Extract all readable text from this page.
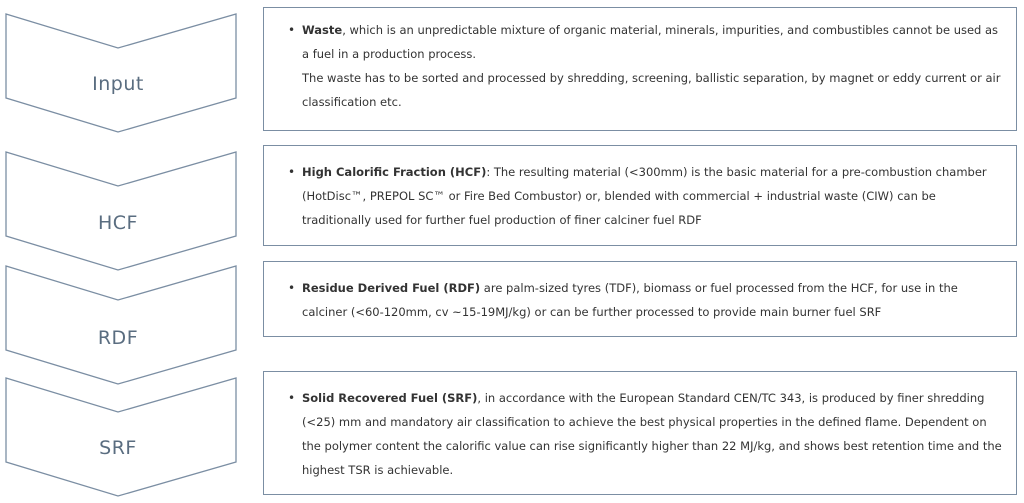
Input
HCF
RDF
SRF
• Waste, which is an unpredictable mixture of organic material, minerals, impurities, and combustibles cannot be used as a fuel in a production process.
The waste has to be sorted and processed by shredding, screening, ballistic separation, by magnet or eddy current or air classification etc.
• High Calorific Fraction (HCF): The resulting material (<300mm) is the basic material for a pre-combustion chamber (HotDisc™, PREPOL SC™ or Fire Bed Combustor) or, blended with commercial + industrial waste (CIW) can be traditionally used for further fuel production of finer calciner fuel RDF
• Residue Derived Fuel (RDF) are palm-sized tyres (TDF), biomass or fuel processed from the HCF, for use in the calciner (<60-120mm, cv ~15-19MJ/kg) or can be further processed to provide main burner fuel SRF
• Solid Recovered Fuel (SRF), in accordance with the European Standard CEN/TC 343, is produced by finer shredding (<25) mm and mandatory air classification to achieve the best physical properties in the defined flame. Dependent on the polymer content the calorific value can rise significantly higher than 22 MJ/kg, and shows best retention time and the highest TSR is achievable.
